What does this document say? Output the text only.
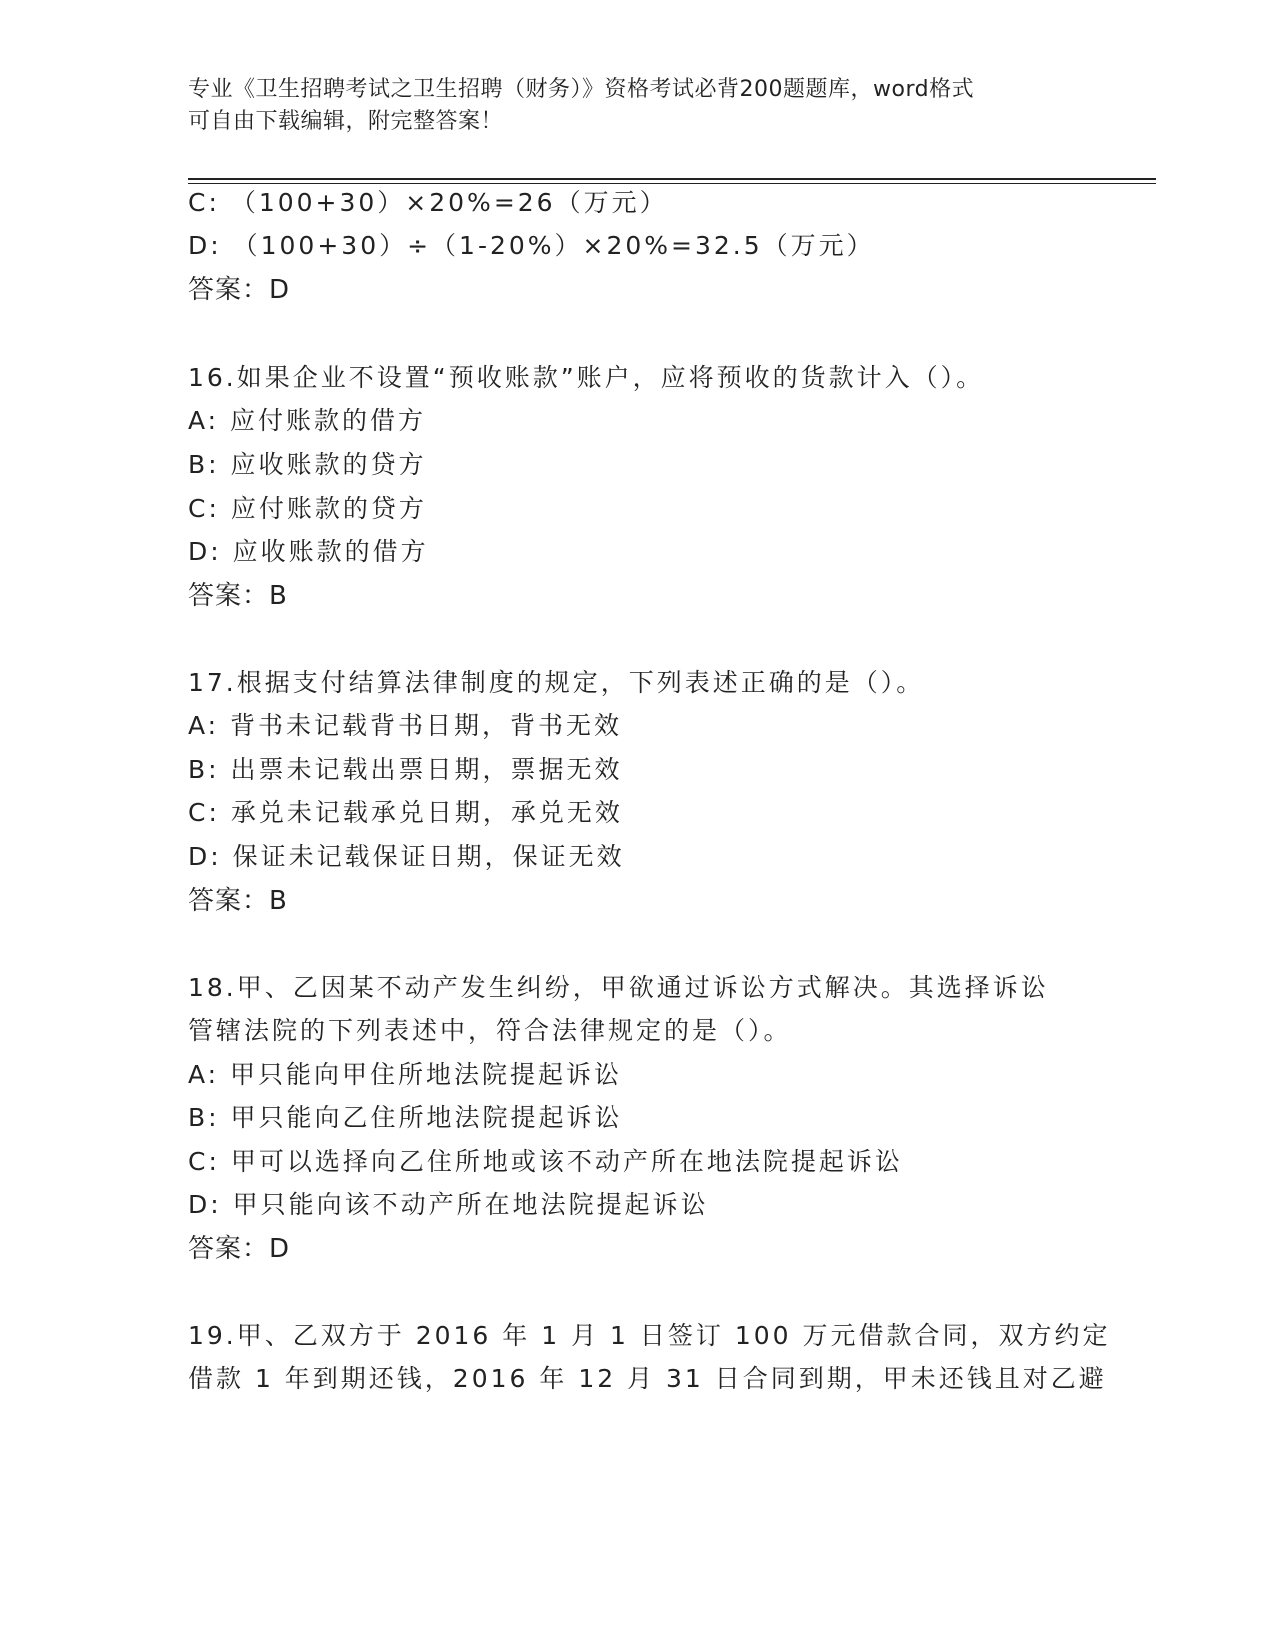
专业《卫生招聘考试之卫生招聘（财务）》资格考试必背200题题库，word格式
可自由下载编辑，附完整答案！
C: （100+30）×20%=26（万元）
D: （100+30）÷（1-20%）×20%=32.5（万元）
答案：D
16.如果企业不设置“预收账款”账户，应将预收的货款计入（）。
A: 应付账款的借方
B: 应收账款的贷方
C: 应付账款的贷方
D: 应收账款的借方
答案：B
17.根据支付结算法律制度的规定，下列表述正确的是（）。
A: 背书未记载背书日期，背书无效
B: 出票未记载出票日期，票据无效
C: 承兑未记载承兑日期，承兑无效
D: 保证未记载保证日期，保证无效
答案：B
18.甲、乙因某不动产发生纠纷，甲欲通过诉讼方式解决。其选择诉讼
管辖法院的下列表述中，符合法律规定的是（）。
A: 甲只能向甲住所地法院提起诉讼
B: 甲只能向乙住所地法院提起诉讼
C: 甲可以选择向乙住所地或该不动产所在地法院提起诉讼
D: 甲只能向该不动产所在地法院提起诉讼
答案：D
19.甲、乙双方于 2016 年 1 月 1 日签订 100 万元借款合同，双方约定
借款 1 年到期还钱，2016 年 12 月 31 日合同到期，甲未还钱且对乙避
